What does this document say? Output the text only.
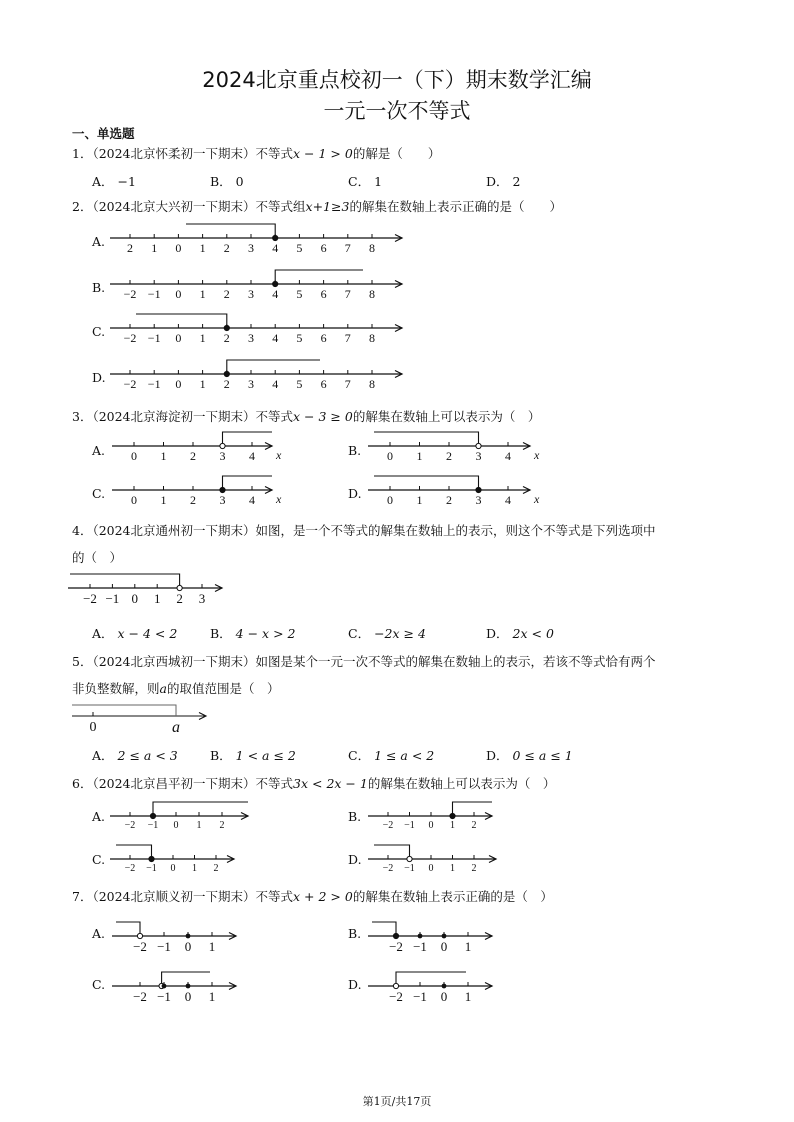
2024北京重点校初一（下）期末数学汇编
一元一次不等式
一、单选题
1．（2024北京怀柔初一下期末）不等式x − 1 > 0的解是（　　）
A． −1	B． 0	C． 1	D． 2
2．（2024北京大兴初一下期末）不等式组x+1≥3的解集在数轴上表示正确的是（　　）
A.
B.
C.
D.
2 1 0 1 2 3 4 5 6 7 8
−2 −1 0 1 2 3 4 5 6 7 8
−2 −1 0 1 2 3 4 5 6 7 8
−2 −1 0 1 2 3 4 5 6 7 8
3．（2024北京海淀初一下期末）不等式x − 3 ≥ 0的解集在数轴上可以表示为（　）
A.	B.
C.	D.
0 1 2 3 4 x	0 1 2 3 4 x
0 1 2 3 4 x	0 1 2 3 4 x
4．（2024北京通州初一下期末）如图，是一个不等式的解集在数轴上的表示，则这个不等式是下列选项中
的（　）
−2 −1 0 1 2 3
A． x − 4 < 2	B． 4 − x > 2	C． −2x ≥ 4	D． 2x < 0
5．（2024北京西城初一下期末）如图是某个一元一次不等式的解集在数轴上的表示，若该不等式恰有两个
非负整数解，则a的取值范围是（　）
0	a
A． 2 ≤ a < 3	B． 1 < a ≤ 2	C． 1 ≤ a < 2	D． 0 ≤ a ≤ 1
6．（2024北京昌平初一下期末）不等式3x < 2x − 1的解集在数轴上可以表示为（　）
A.	B.
C.	D.
−2 −1 0 1 2	−2 −1 0 1 2
−2 −1 0 1 2	−2 −1 0 1 2
7．（2024北京顺义初一下期末）不等式x + 2 > 0的解集在数轴上表示正确的是（　）
A.	B.
C.	D.
−2 −1 0 1	−2 −1 0 1
−2 −1 0 1	−2 −1 0 1
第1页/共17页
